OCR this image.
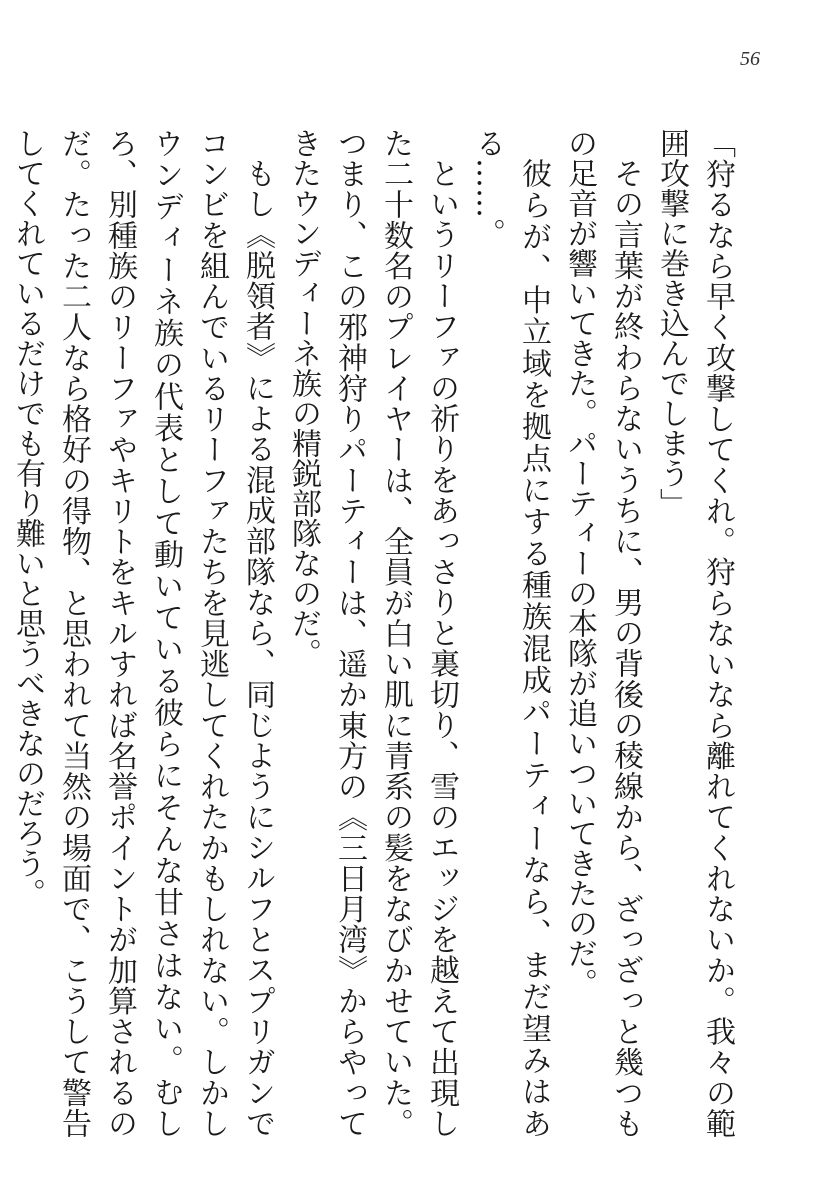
56

「狩るなら早く攻撃してくれ。狩らないなら離れてくれないか。我々の範囲攻撃に巻き込んでしまう」

その言葉が終わらないうちに、男の背後の稜線から、ざっざっと幾つもの足音が響いてきた。パーティーの本隊が追いついてきたのだ。

彼らが、中立域を拠点にする種族混成パーティーなら、まだ望みはある……。

というリーファの祈りをあっさりと裏切り、雪のエッジを越えて出現した二十数名のプレイヤーは、全員が白い肌に青系の髪をなびかせていた。つまり、この邪神狩りパーティーは、遥か東方の《三日月湾》からやってきたウンディーネ族の精鋭部隊なのだ。

もし《脱領者》による混成部隊なら、同じようにシルフとスプリガンでコンビを組んでいるリーファたちを見逃してくれたかもしれない。しかしウンディーネ族の代表として動いている彼らにそんな甘さはない。むしろ、別種族のリーファやキリトをキルすれば名誉ポイントが加算されるのだ。たった二人なら格好の得物、と思われて当然の場面で、こうして警告してくれているだけでも有り難いと思うべきなのだろう。
